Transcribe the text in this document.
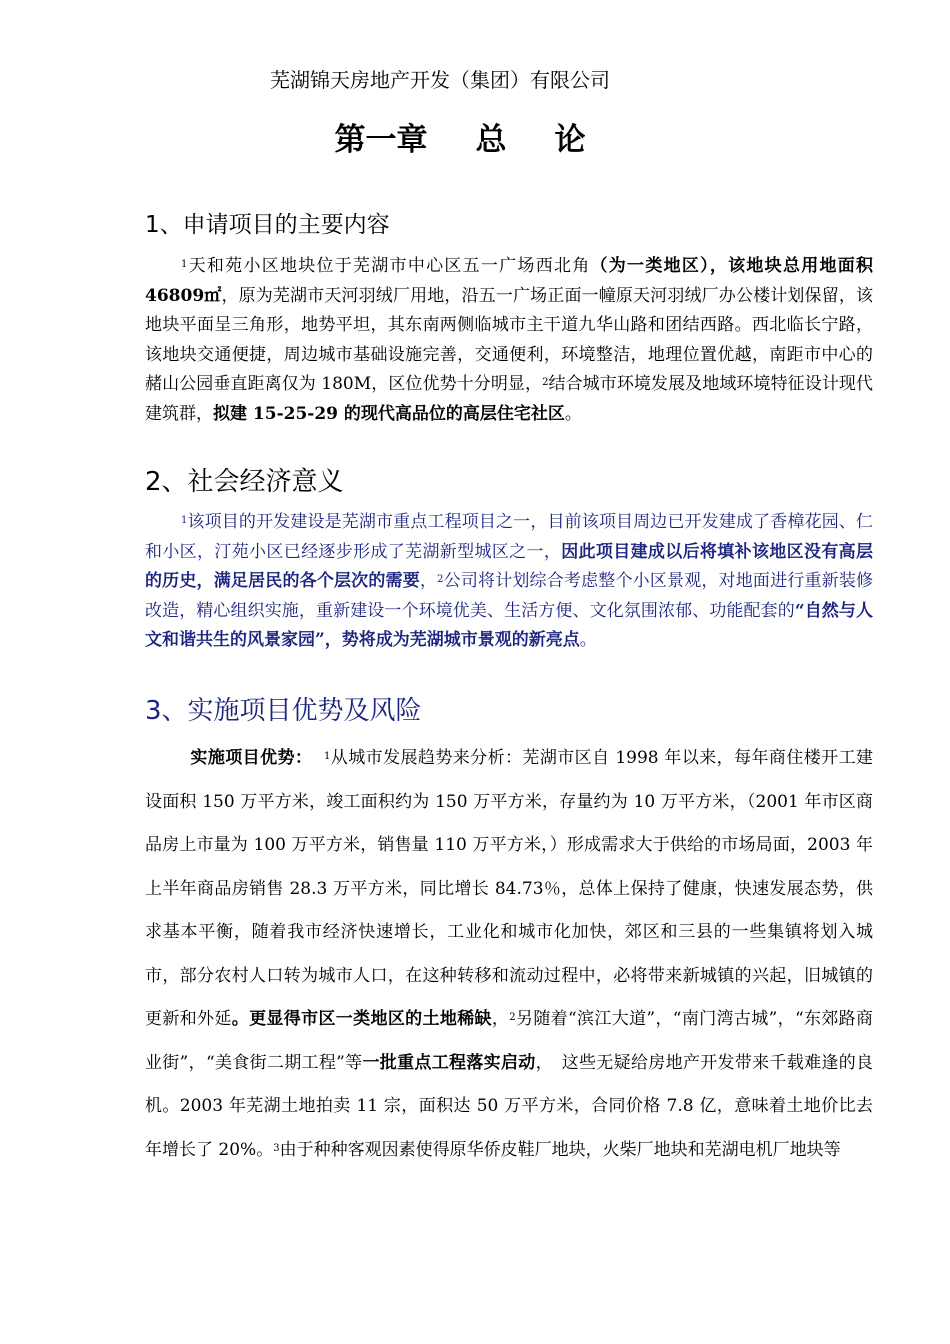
芜湖锦天房地产开发（集团）有限公司
第一章 总 论
1、申请项目的主要内容

$^1$天和苑小区地块位于芜湖市中心区五一广场西北角（为一类地区），该地块总用地面积 46809㎡，原为芜湖市天河羽绒厂用地，沿五一广场正面一幢原天河羽绒厂办公楼计划保留，该地块平面呈三角形，地势平坦，其东南两侧临城市主干道九华山路和团结西路。西北临长宁路，该地块交通便捷，周边城市基础设施完善，交通便利，环境整洁，地理位置优越，南距市中心的赭山公园垂直距离仅为 180M，区位优势十分明显，$^2$结合城市环境发展及地域环境特征设计现代建筑群，拟建 15-25-29 的现代高品位的高层住宅社区。

2、社会经济意义

$^1$该项目的开发建设是芜湖市重点工程项目之一，目前该项目周边已开发建成了香樟花园、仁和小区，汀苑小区已经逐步形成了芜湖新型城区之一，因此项目建成以后将填补该地区没有高层的历史，满足居民的各个层次的需要，$^2$公司将计划综合考虑整个小区景观，对地面进行重新装修改造，精心组织实施，重新建设一个环境优美、生活方便、文化氛围浓郁、功能配套的“自然与人文和谐共生的风景家园”，势将成为芜湖城市景观的新亮点。

3、实施项目优势及风险

实施项目优势： $^1$从城市发展趋势来分析：芜湖市区自 1998 年以来，每年商住楼开工建设面积 150 万平方米，竣工面积约为 150 万平方米，存量约为 10 万平方米，（2001 年市区商品房上市量为 100 万平方米，销售量 110 万平方米，）形成需求大于供给的市场局面，2003 年上半年商品房销售 28.3 万平方米，同比增长 84.73％，总体上保持了健康，快速发展态势，供求基本平衡，随着我市经济快速增长，工业化和城市化加快，郊区和三县的一些集镇将划入城市，部分农村人口转为城市人口，在这种转移和流动过程中，必将带来新城镇的兴起，旧城镇的更新和外延。更显得市区一类地区的土地稀缺，$^2$另随着“滨江大道”，“南门湾古城”，“东郊路商业街”，“美食街二期工程”等一批重点工程落实启动，　这些无疑给房地产开发带来千载难逢的良机。2003 年芜湖土地拍卖 11 宗，面积达 50 万平方米，合同价格 7.8 亿，意味着土地价比去年增长了 20%。$^3$由于种种客观因素使得原华侨皮鞋厂地块，火柴厂地块和芜湖电机厂地块等
